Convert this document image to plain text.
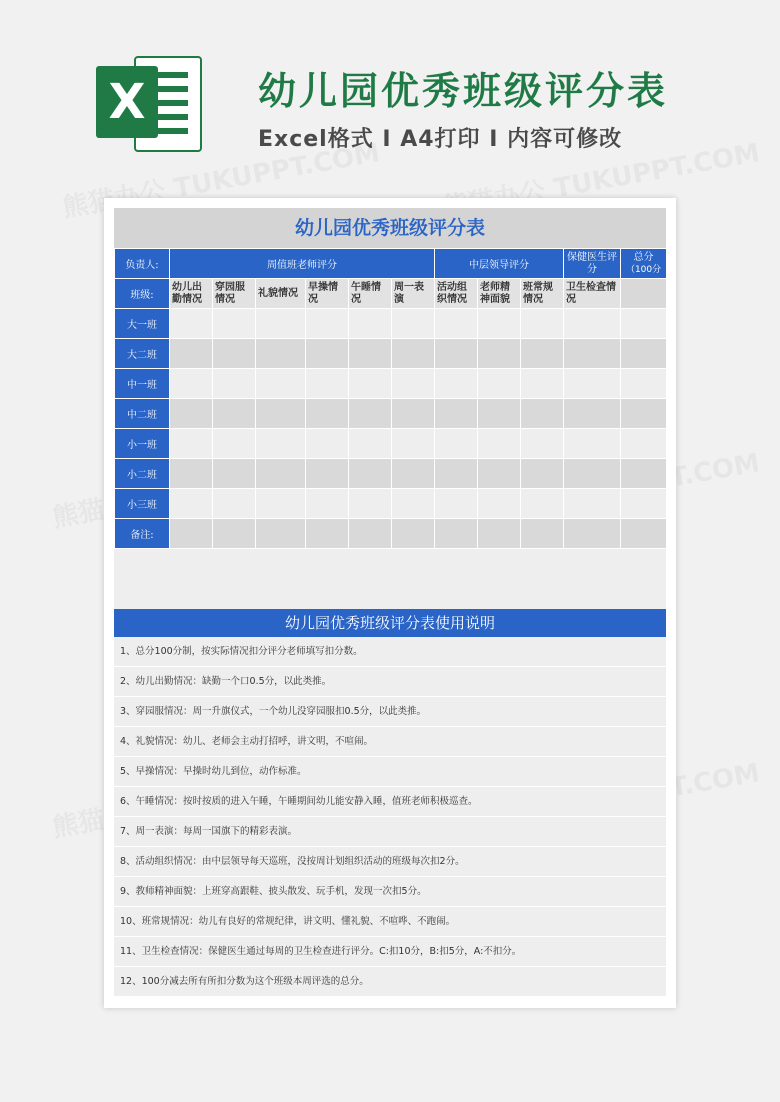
X	幼儿园优秀班级评分表
Excel格式 I A4打印 I 内容可修改
幼儿园优秀班级评分表
负责人:	周值班老师评分						中层领导评分			保健医生评分	总分
（100分

班级:	幼儿出勤情况	穿园服情况	礼貌情况	早操情况	午睡情况	周一表演	活动组织情况	老师精神面貌	班常规情况	卫生检查情况	
大一班											
大二班											
中一班											
中二班											
小一班											
小二班											
小三班											
备注:											
幼儿园优秀班级评分表使用说明
1、总分100分制，按实际情况扣分评分老师填写扣分数。
2、幼儿出勤情况：缺勤一个口0.5分，以此类推。
3、穿园服情况：周一升旗仪式，一个幼儿没穿园服扣0.5分，以此类推。
4、礼貌情况：幼儿、老师会主动打招呼，讲文明，不喧闹。
5、早操情况：早操时幼儿到位，动作标准。
6、午睡情况：按时按质的进入午睡，午睡期间幼儿能安静入睡，值班老师积极巡查。
7、周一表演：每周一国旗下的精彩表演。
8、活动组织情况：由中层领导每天巡班，没按周计划组织活动的班级每次扣2分。
9、教师精神面貌：上班穿高跟鞋、披头散发、玩手机，发现一次扣5分。
10、班常规情况：幼儿有良好的常规纪律，讲文明、懂礼貌、不喧哗、不跑闹。
11、卫生检查情况：保健医生通过每周的卫生检查进行评分。C:扣10分，B:扣5分，A:不扣分。
12、100分减去所有所扣分数为这个班级本周评选的总分。
